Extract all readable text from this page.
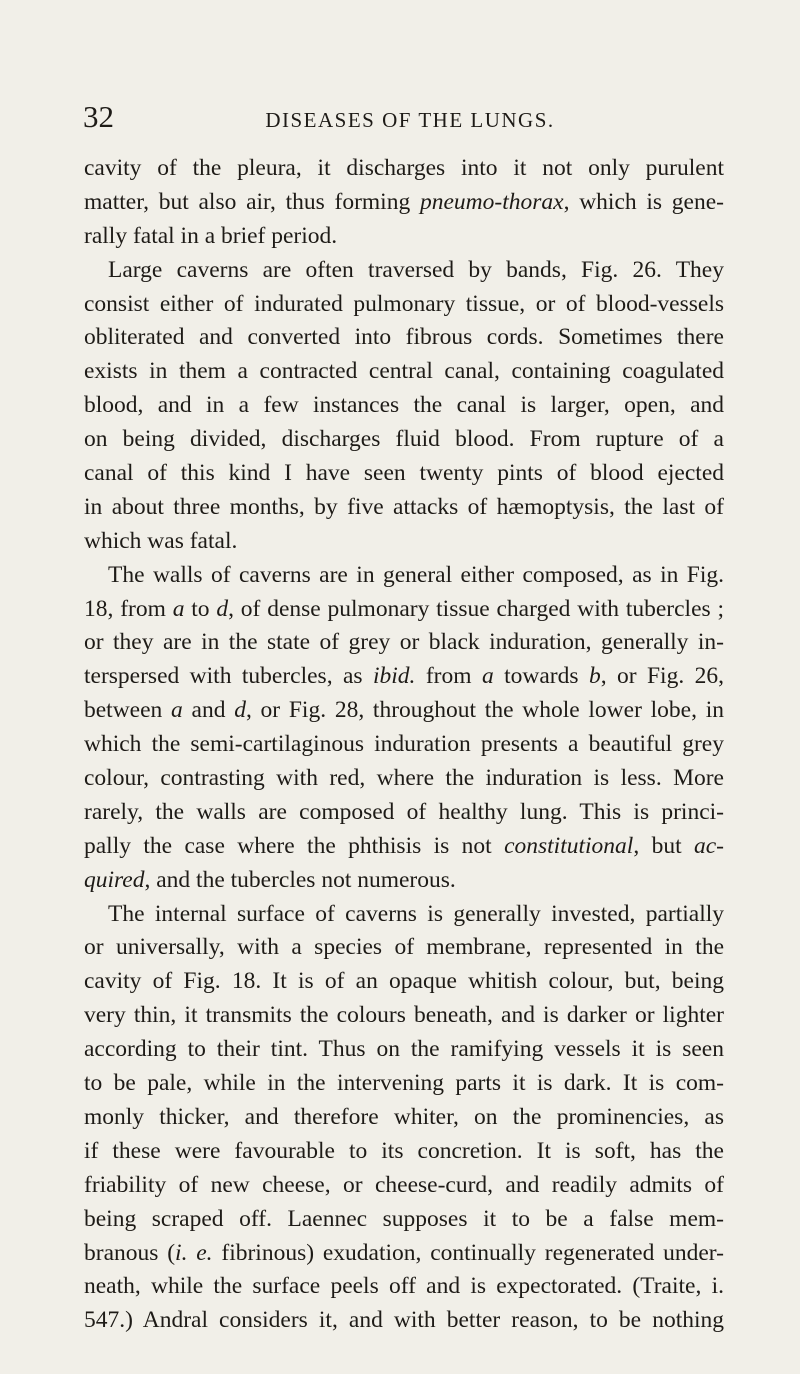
32	DISEASES OF THE LUNGS.
cavity of the pleura, it discharges into it not only purulent
matter, but also air, thus forming pneumo-thorax, which is gene-
rally fatal in a brief period.
Large caverns are often traversed by bands, Fig. 26. They
consist either of indurated pulmonary tissue, or of blood-vessels
obliterated and converted into fibrous cords. Sometimes there
exists in them a contracted central canal, containing coagulated
blood, and in a few instances the canal is larger, open, and
on being divided, discharges fluid blood. From rupture of a
canal of this kind I have seen twenty pints of blood ejected
in about three months, by five attacks of hæmoptysis, the last of
which was fatal.
The walls of caverns are in general either composed, as in Fig.
18, from a to d, of dense pulmonary tissue charged with tubercles ;
or they are in the state of grey or black induration, generally in-
terspersed with tubercles, as ibid. from a towards b, or Fig. 26,
between a and d, or Fig. 28, throughout the whole lower lobe, in
which the semi-cartilaginous induration presents a beautiful grey
colour, contrasting with red, where the induration is less. More
rarely, the walls are composed of healthy lung. This is princi-
pally the case where the phthisis is not constitutional, but ac-
quired, and the tubercles not numerous.
The internal surface of caverns is generally invested, partially
or universally, with a species of membrane, represented in the
cavity of Fig. 18. It is of an opaque whitish colour, but, being
very thin, it transmits the colours beneath, and is darker or lighter
according to their tint. Thus on the ramifying vessels it is seen
to be pale, while in the intervening parts it is dark. It is com-
monly thicker, and therefore whiter, on the prominencies, as
if these were favourable to its concretion. It is soft, has the
friability of new cheese, or cheese-curd, and readily admits of
being scraped off. Laennec supposes it to be a false mem-
branous (i. e. fibrinous) exudation, continually regenerated under-
neath, while the surface peels off and is expectorated. (Traite, i.
547.) Andral considers it, and with better reason, to be nothing
